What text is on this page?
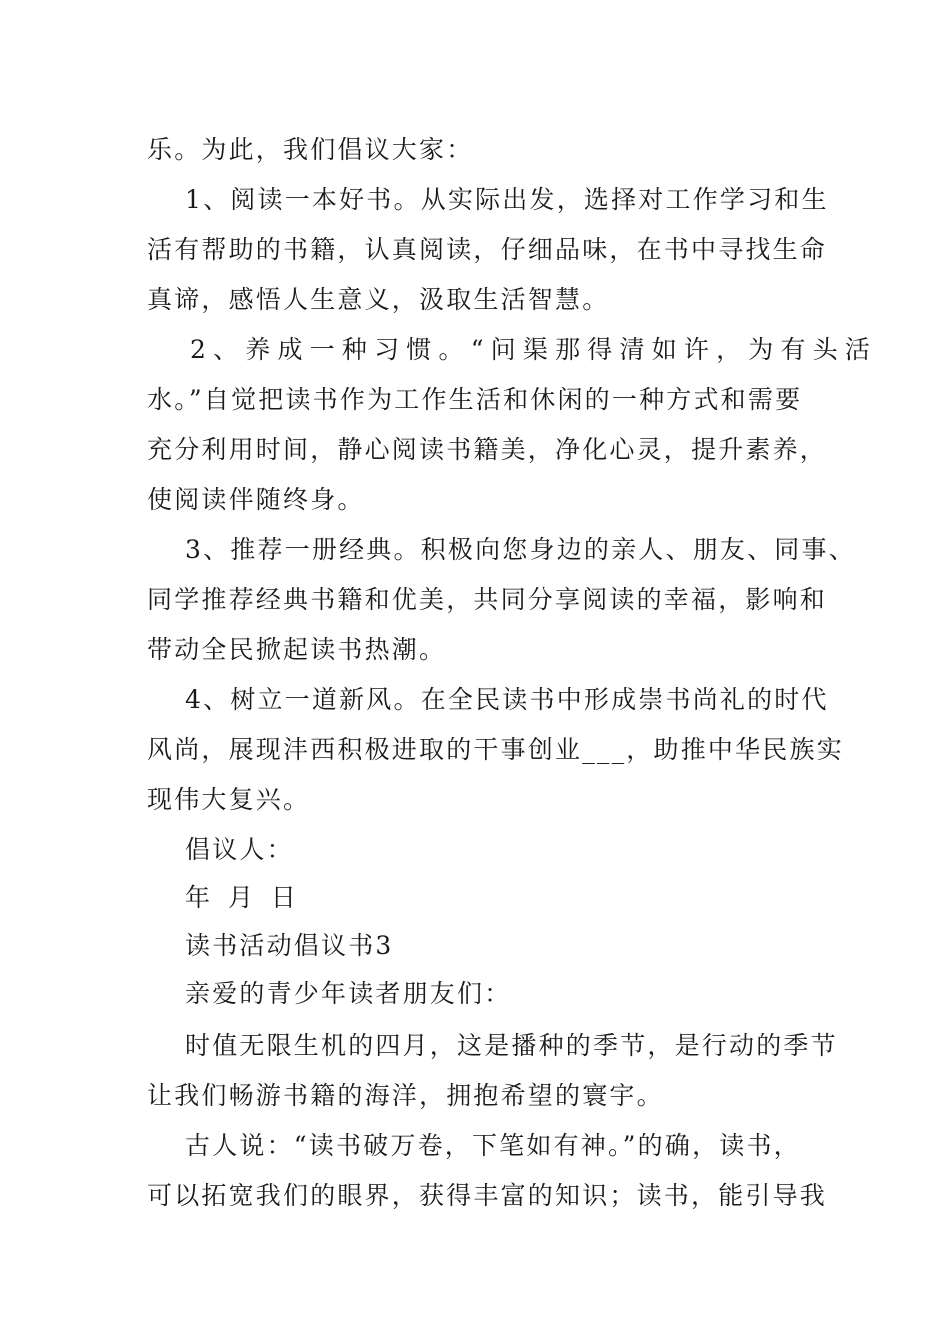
乐。为此，我们倡议大家：
1、阅读一本好书。从实际出发，选择对工作学习和生
活有帮助的书籍，认真阅读，仔细品味，在书中寻找生命
真谛，感悟人生意义，汲取生活智慧。
2、养成一种习惯。“问渠那得清如许，为有头活
水。”自觉把读书作为工作生活和休闲的一种方式和需要
充分利用时间，静心阅读书籍美，净化心灵，提升素养，
使阅读伴随终身。
3、推荐一册经典。积极向您身边的亲人、朋友、同事、
同学推荐经典书籍和优美，共同分享阅读的幸福，影响和
带动全民掀起读书热潮。
4、树立一道新风。在全民读书中形成崇书尚礼的时代
风尚，展现沣西积极进取的干事创业___，助推中华民族实
现伟大复兴。
倡议人：
年 月 日
读书活动倡议书3
亲爱的青少年读者朋友们：
时值无限生机的四月，这是播种的季节，是行动的季节
让我们畅游书籍的海洋，拥抱希望的寰宇。
古人说：“读书破万卷，下笔如有神。”的确，读书，
可以拓宽我们的眼界，获得丰富的知识；读书，能引导我
